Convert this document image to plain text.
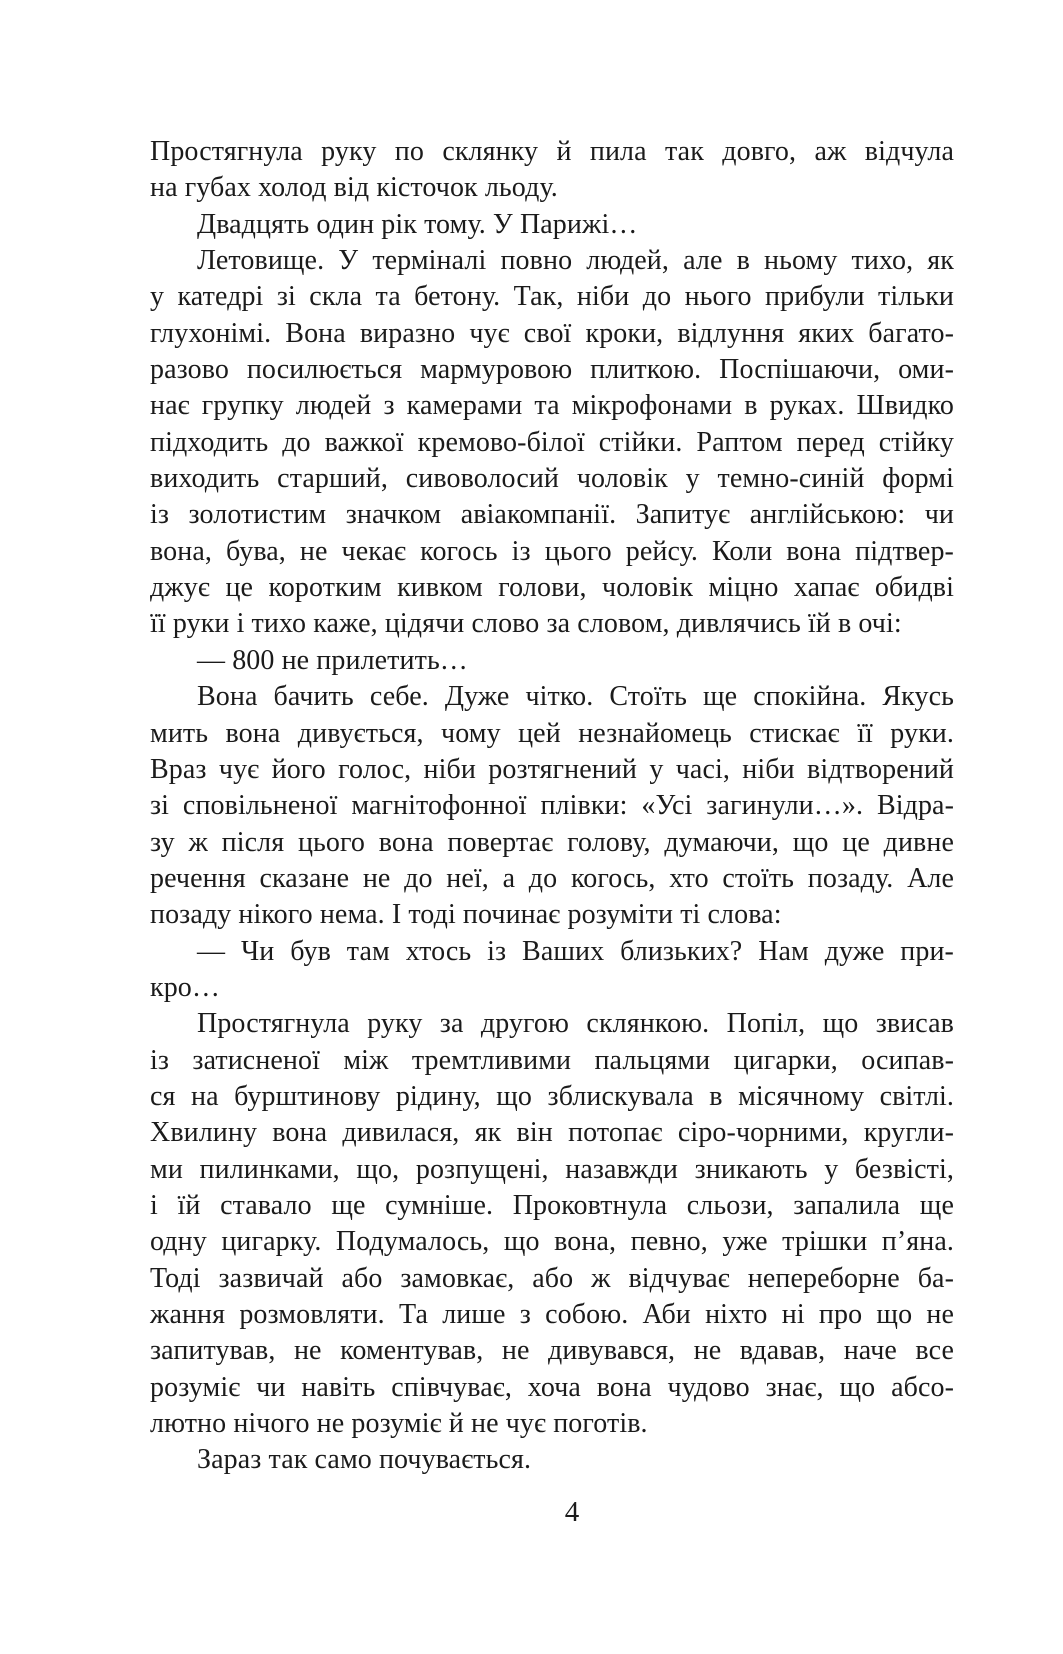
Простягнула руку по склянку й пила так довго, аж відчула
на губах холод від кісточок льоду.
Двадцять один рік тому. У Парижі…
Летовище. У терміналі повно людей, але в ньому тихо, як
у катедрі зі скла та бетону. Так, ніби до нього прибули тільки
глухонімі. Вона виразно чує свої кроки, відлуння яких багато-
разово посилюється мармуровою плиткою. Поспішаючи, оми-
нає групку людей з камерами та мікрофонами в руках. Швидко
підходить до важкої кремово-білої стійки. Раптом перед стійку
виходить старший, сивоволосий чоловік у темно-синій формі
із золотистим значком авіакомпанії. Запитує англійською: чи
вона, бува, не чекає когось із цього рейсу. Коли вона підтвер-
джує це коротким кивком голови, чоловік міцно хапає обидві
її руки і тихо каже, цідячи слово за словом, дивлячись їй в очі:
— 800 не прилетить…
Вона бачить себе. Дуже чітко. Стоїть ще спокійна. Якусь
мить вона дивується, чому цей незнайомець стискає її руки.
Враз чує його голос, ніби розтягнений у часі, ніби відтворений
зі сповільненої магнітофонної плівки: «Усі загинули…». Відра-
зу ж після цього вона повертає голову, думаючи, що це дивне
речення сказане не до неї, а до когось, хто стоїть позаду. Але
позаду нікого нема. І тоді починає розуміти ті слова:
— Чи був там хтось із Ваших близьких? Нам дуже при-
кро…
Простягнула руку за другою склянкою. Попіл, що звисав
із затисненої між тремтливими пальцями цигарки, осипав-
ся на бурштинову рідину, що зблискувала в місячному світлі.
Хвилину вона дивилася, як він потопає сіро-чорними, кругли-
ми пилинками, що, розпущені, назавжди зникають у безвісті,
і їй ставало ще сумніше. Проковтнула сльози, запалила ще
одну цигарку. Подумалось, що вона, певно, уже трішки п’яна.
Тоді зазвичай або замовкає, або ж відчуває непереборне ба-
жання розмовляти. Та лише з собою. Аби ніхто ні про що не
запитував, не коментував, не дивувався, не вдавав, наче все
розуміє чи навіть співчуває, хоча вона чудово знає, що абсо-
лютно нічого не розуміє й не чує поготів.
Зараз так само почувається.
4
